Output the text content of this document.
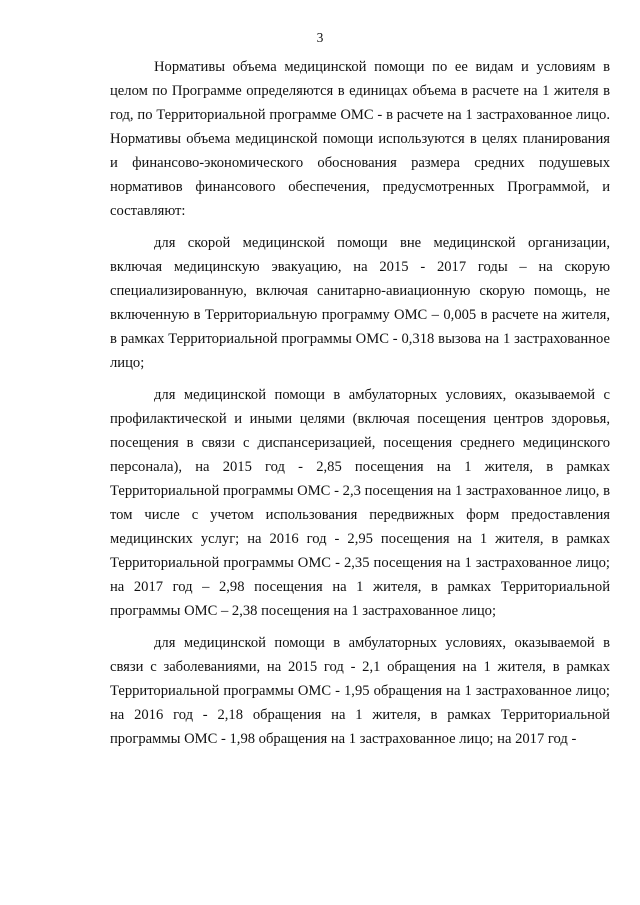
3

Нормативы объема медицинской помощи по ее видам и условиям в целом по Программе определяются в единицах объема в расчете на 1 жителя в год, по Территориальной программе ОМС - в расчете на 1 застрахованное лицо. Нормативы объема медицинской помощи используются в целях планирования и финансово-экономического обоснования размера средних подушевых нормативов финансового обеспечения, предусмотренных Программой, и составляют:

для скорой медицинской помощи вне медицинской организации, включая медицинскую эвакуацию, на 2015 - 2017 годы – на скорую специализированную, включая санитарно-авиационную скорую помощь, не включенную в Территориальную программу ОМС – 0,005 в расчете на жителя, в рамках Территориальной программы ОМС - 0,318 вызова на 1 застрахованное лицо;

для медицинской помощи в амбулаторных условиях, оказываемой с профилактической и иными целями (включая посещения центров здоровья, посещения в связи с диспансеризацией, посещения среднего медицинского персонала), на 2015 год - 2,85 посещения на 1 жителя, в рамках Территориальной программы ОМС - 2,3 посещения на 1 застрахованное лицо, в том числе с учетом использования передвижных форм предоставления медицинских услуг; на 2016 год - 2,95 посещения на 1 жителя, в рамках Территориальной программы ОМС - 2,35 посещения на 1 застрахованное лицо; на 2017 год – 2,98 посещения на 1 жителя, в рамках Территориальной программы ОМС – 2,38 посещения на 1 застрахованное лицо;

для медицинской помощи в амбулаторных условиях, оказываемой в связи с заболеваниями, на 2015 год - 2,1 обращения на 1 жителя, в рамках Территориальной программы ОМС - 1,95 обращения на 1 застрахованное лицо; на 2016 год - 2,18 обращения на 1 жителя, в рамках Территориальной программы ОМС - 1,98 обращения на 1 застрахованное лицо; на 2017 год -
